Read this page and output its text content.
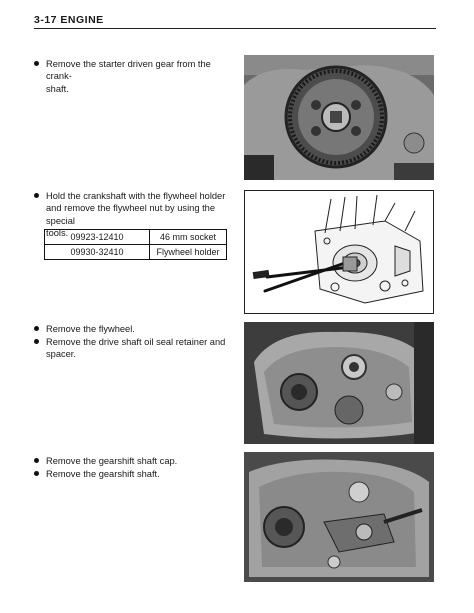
3-17 ENGINE
Remove the starter driven gear from the crank-
shaft.
Hold the crankshaft with the flywheel holder
and remove the flywheel nut by using the special
tools. 09923-12410	46 mm socket
09930-32410	Flywheel holder
Remove the flywheel.
Remove the drive shaft oil seal retainer and
spacer.
Remove the gearshift shaft cap.
Remove the gearshift shaft.
